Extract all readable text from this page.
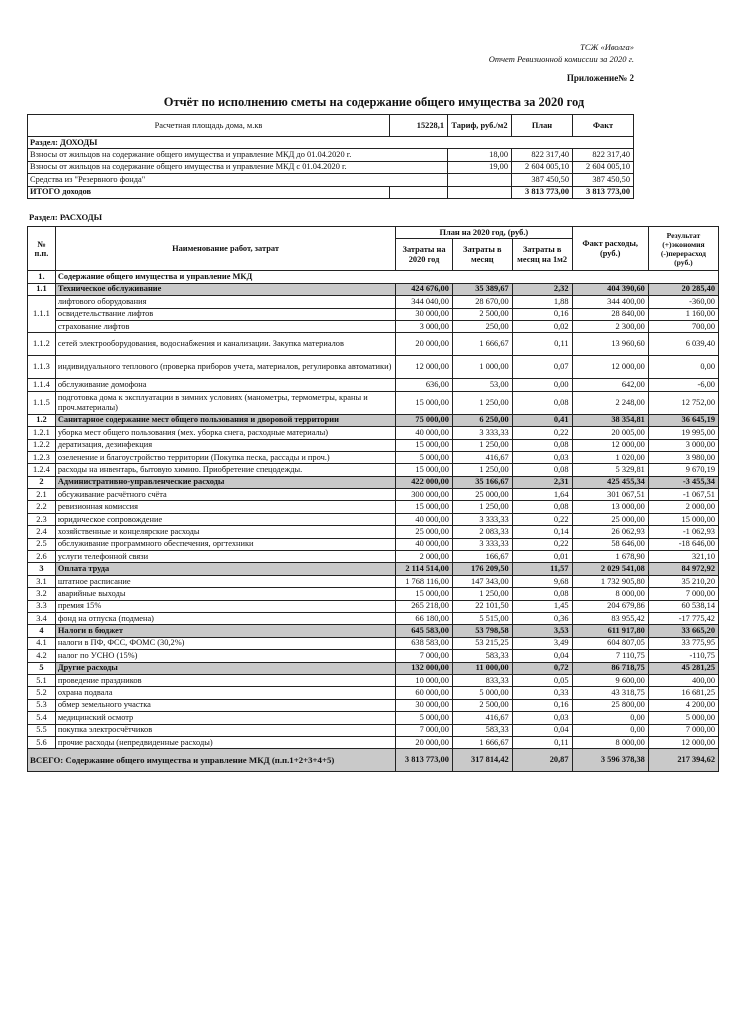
ТСЖ «Иволга»
Отчет Ревизионной комиссии за 2020 г.
Приложение№ 2
Отчёт по исполнению сметы на содержание общего имущества за 2020 год
Расчетная площадь дома, м.кв	15228,1	Тариф, руб./м2	План	Факт
Раздел: ДОХОДЫ				
Взносы от жильцов на содержание общего имущества и управление МКД до 01.04.2020 г.		18,00	822 317,40	822 317,40
Взносы от жильцов на содержание общего имущества и управление МКД с 01.04.2020 г.		19,00	2 604 005,10	2 604 005,10
Средства из "Резервного фонда"			387 450,50	387 450,50
ИТОГО доходов			3 813 773,00	3 813 773,00
Раздел: РАСХОДЫ
№ п.п.	Наименование работ, затрат	План на 2020 год, (руб.)			Факт расходы, (руб.)	Результат (+)экономия (-)перерасход (руб.)
		Затраты на 2020 год	Затраты в месяц	Затраты в месяц на 1м2		
1.	Содержание общего имущества и управление МКД					
1.1	Техническое обслуживание	424 676,00	35 389,67	2,32	404 390,60	20 285,40
1.1.1	лифтового оборудования	344 040,00	28 670,00	1,88	344 400,00	-360,00
	освидетельствание лифтов	30 000,00	2 500,00	0,16	28 840,00	1 160,00
	страхование лифтов	3 000,00	250,00	0,02	2 300,00	700,00
1.1.2	сетей электрооборудования, водоснабжения и канализации. Закупка материалов	20 000,00	1 666,67	0,11	13 960,60	6 039,40
1.1.3	индивидуального теплового (проверка приборов учета, материалов, регулировка автоматики)	12 000,00	1 000,00	0,07	12 000,00	0,00
1.1.4	обслуживание домофона	636,00	53,00	0,00	642,00	-6,00
1.1.5	подготовка дома к эксплуатации в зимних условиях (манометры, термометры, краны и проч.материалы)	15 000,00	1 250,00	0,08	2 248,00	12 752,00
1.2	Санитарное содержание мест общего пользования и дворовой территории	75 000,00	6 250,00	0,41	38 354,81	36 645,19
1.2.1	уборка мест общего пользования (мех. уборка снега, расходные материалы)	40 000,00	3 333,33	0,22	20 005,00	19 995,00
1.2.2	дератизация, дезинфекция	15 000,00	1 250,00	0,08	12 000,00	3 000,00
1.2.3	озеленение и благоустройство территории (Покупка песка, рассады и проч.)	5 000,00	416,67	0,03	1 020,00	3 980,00
1.2.4	расходы на инвентарь, бытовую химию. Приобретение спецодежды.	15 000,00	1 250,00	0,08	5 329,81	9 670,19
2	Административно-управленческие расходы	422 000,00	35 166,67	2,31	425 455,34	-3 455,34
2.1	обсуживание расчётного счёта	300 000,00	25 000,00	1,64	301 067,51	-1 067,51
2.2	ревизионная комиссия	15 000,00	1 250,00	0,08	13 000,00	2 000,00
2.3	юридическое сопровождение	40 000,00	3 333,33	0,22	25 000,00	15 000,00
2.4	хозяйственные и концелярские расходы	25 000,00	2 083,33	0,14	26 062,93	-1 062,93
2.5	обслуживание программного обеспечения, оргтехники	40 000,00	3 333,33	0,22	58 646,00	-18 646,00
2.6	услуги телефонной связи	2 000,00	166,67	0,01	1 678,90	321,10
3	Оплата труда	2 114 514,00	176 209,50	11,57	2 029 541,08	84 972,92
3.1	штатное расписание	1 768 116,00	147 343,00	9,68	1 732 905,80	35 210,20
3.2	аварийные выходы	15 000,00	1 250,00	0,08	8 000,00	7 000,00
3.3	премия 15%	265 218,00	22 101,50	1,45	204 679,86	60 538,14
3.4	фонд на отпуска (подмена)	66 180,00	5 515,00	0,36	83 955,42	-17 775,42
4	Налоги в бюджет	645 583,00	53 798,58	3,53	611 917,80	33 665,20
4.1	налоги в ПФ, ФСС, ФОМС (30,2%)	638 583,00	53 215,25	3,49	604 807,05	33 775,95
4.2	налог по УСНО (15%)	7 000,00	583,33	0,04	7 110,75	-110,75
5	Другие расходы	132 000,00	11 000,00	0,72	86 718,75	45 281,25
5.1	проведение праздников	10 000,00	833,33	0,05	9 600,00	400,00
5.2	охрана подвала	60 000,00	5 000,00	0,33	43 318,75	16 681,25
5.3	обмер земельного участка	30 000,00	2 500,00	0,16	25 800,00	4 200,00
5.4	медицинский осмотр	5 000,00	416,67	0,03	0,00	5 000,00
5.5	покупка электросчётчиков	7 000,00	583,33	0,04	0,00	7 000,00
5.6	прочие расходы (непредвиденные расходы)	20 000,00	1 666,67	0,11	8 000,00	12 000,00
ВСЕГО: Содержание общего имущества и управление МКД (п.п.1+2+3+4+5)		3 813 773,00	317 814,42	20,87	3 596 378,38	217 394,62
